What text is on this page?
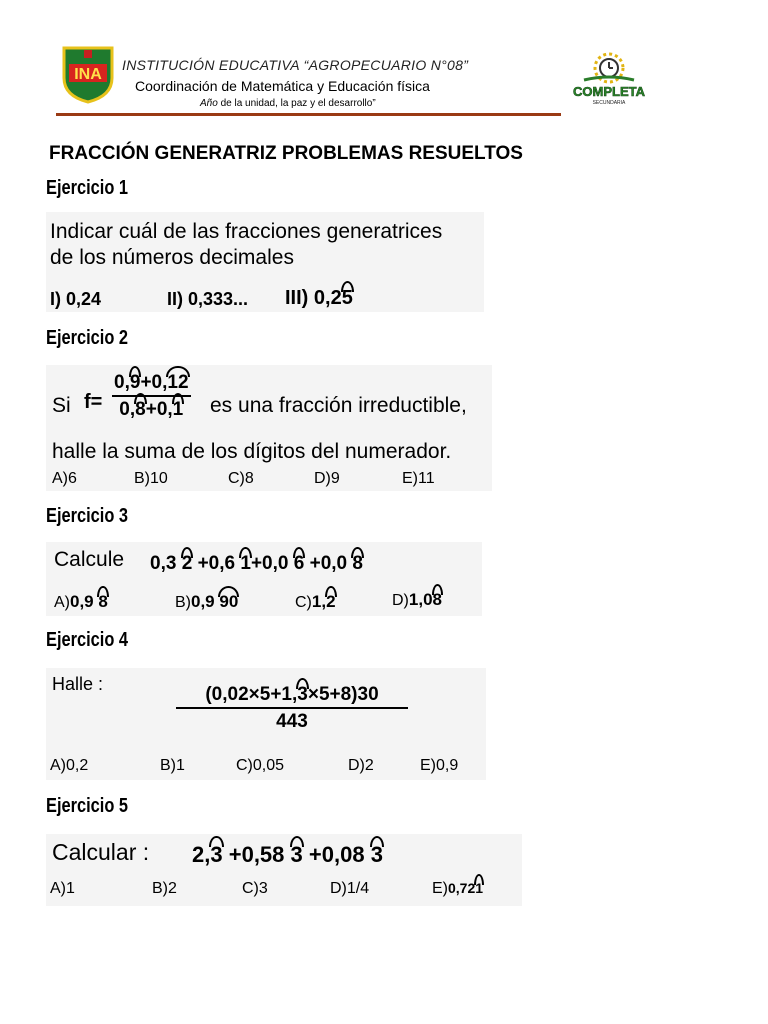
INA
INSTITUCIÓN EDUCATIVA “AGROPECUARIO N°08”
Coordinación de Matemática y Educación física
Año de la unidad, la paz y el desarrollo”
COMPLETA
SECUNDARIA
FRACCIÓN GENERATRIZ PROBLEMAS RESUELTOS
Ejercicio 1
Indicar cuál de las fracciones generatrices
de los números decimales
I) 0,24	II) 0,333... III) 0,25
Ejercicio 2
Si $f= \frac{0,9+0,12}{0,8+0,1}$ es una fracción irreductible,
halle la suma de los dígitos del numerador.
A)6	B)10	C)8	D)9	E)11
Ejercicio 3
Calcule 0,3 2 +0,6 1+0,0 6 +0,0 8
A)0,9 8	B)0,9 90	C)1,2	D)1,08
Ejercicio 4
Halle :	$\frac{(0,02\times 5+1,3\times 5+8)30}{443}$
A)0,2	B)1	C)0,05	D)2	E)0,9
Ejercicio 5
Calcular : 2,3 +0,58 3 +0,08 3
A)1	B)2	C)3	D)1/4	E)0,721
